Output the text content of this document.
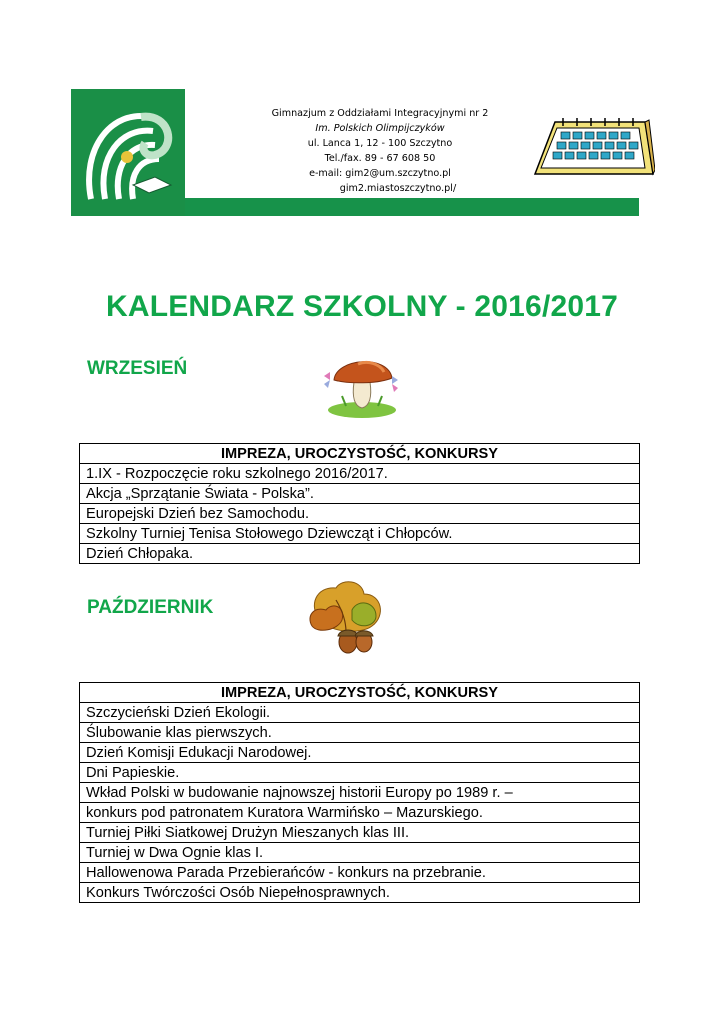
Gimnazjum z Oddziałami Integracyjnymi nr 2
Im. Polskich Olimpijczyków
ul. Lanca 1, 12 - 100 Szczytno
Tel./fax. 89 - 67 608 50
e-mail: gim2@um.szczytno.pl
gim2.miastoszczytno.pl/
KALENDARZ SZKOLNY - 2016/2017
WRZESIEŃ
IMPREZA, UROCZYSTOŚĆ, KONKURSY
1.IX - Rozpoczęcie roku szkolnego 2016/2017.
Akcja „Sprzątanie Świata - Polska”.
Europejski Dzień bez Samochodu.
Szkolny Turniej Tenisa Stołowego Dziewcząt i Chłopców.
Dzień Chłopaka.
PAŹDZIERNIK
IMPREZA, UROCZYSTOŚĆ, KONKURSY
Szczycieński Dzień Ekologii.
Ślubowanie klas pierwszych.
Dzień Komisji Edukacji Narodowej.
Dni Papieskie.
Wkład Polski w budowanie najnowszej historii Europy po 1989 r. –
konkurs pod patronatem Kuratora Warmińsko – Mazurskiego.
Turniej Piłki Siatkowej Drużyn Mieszanych klas III.
Turniej w Dwa Ognie klas I.
Hallowenowa Parada Przebierańców - konkurs na przebranie.
Konkurs Twórczości Osób Niepełnosprawnych.
